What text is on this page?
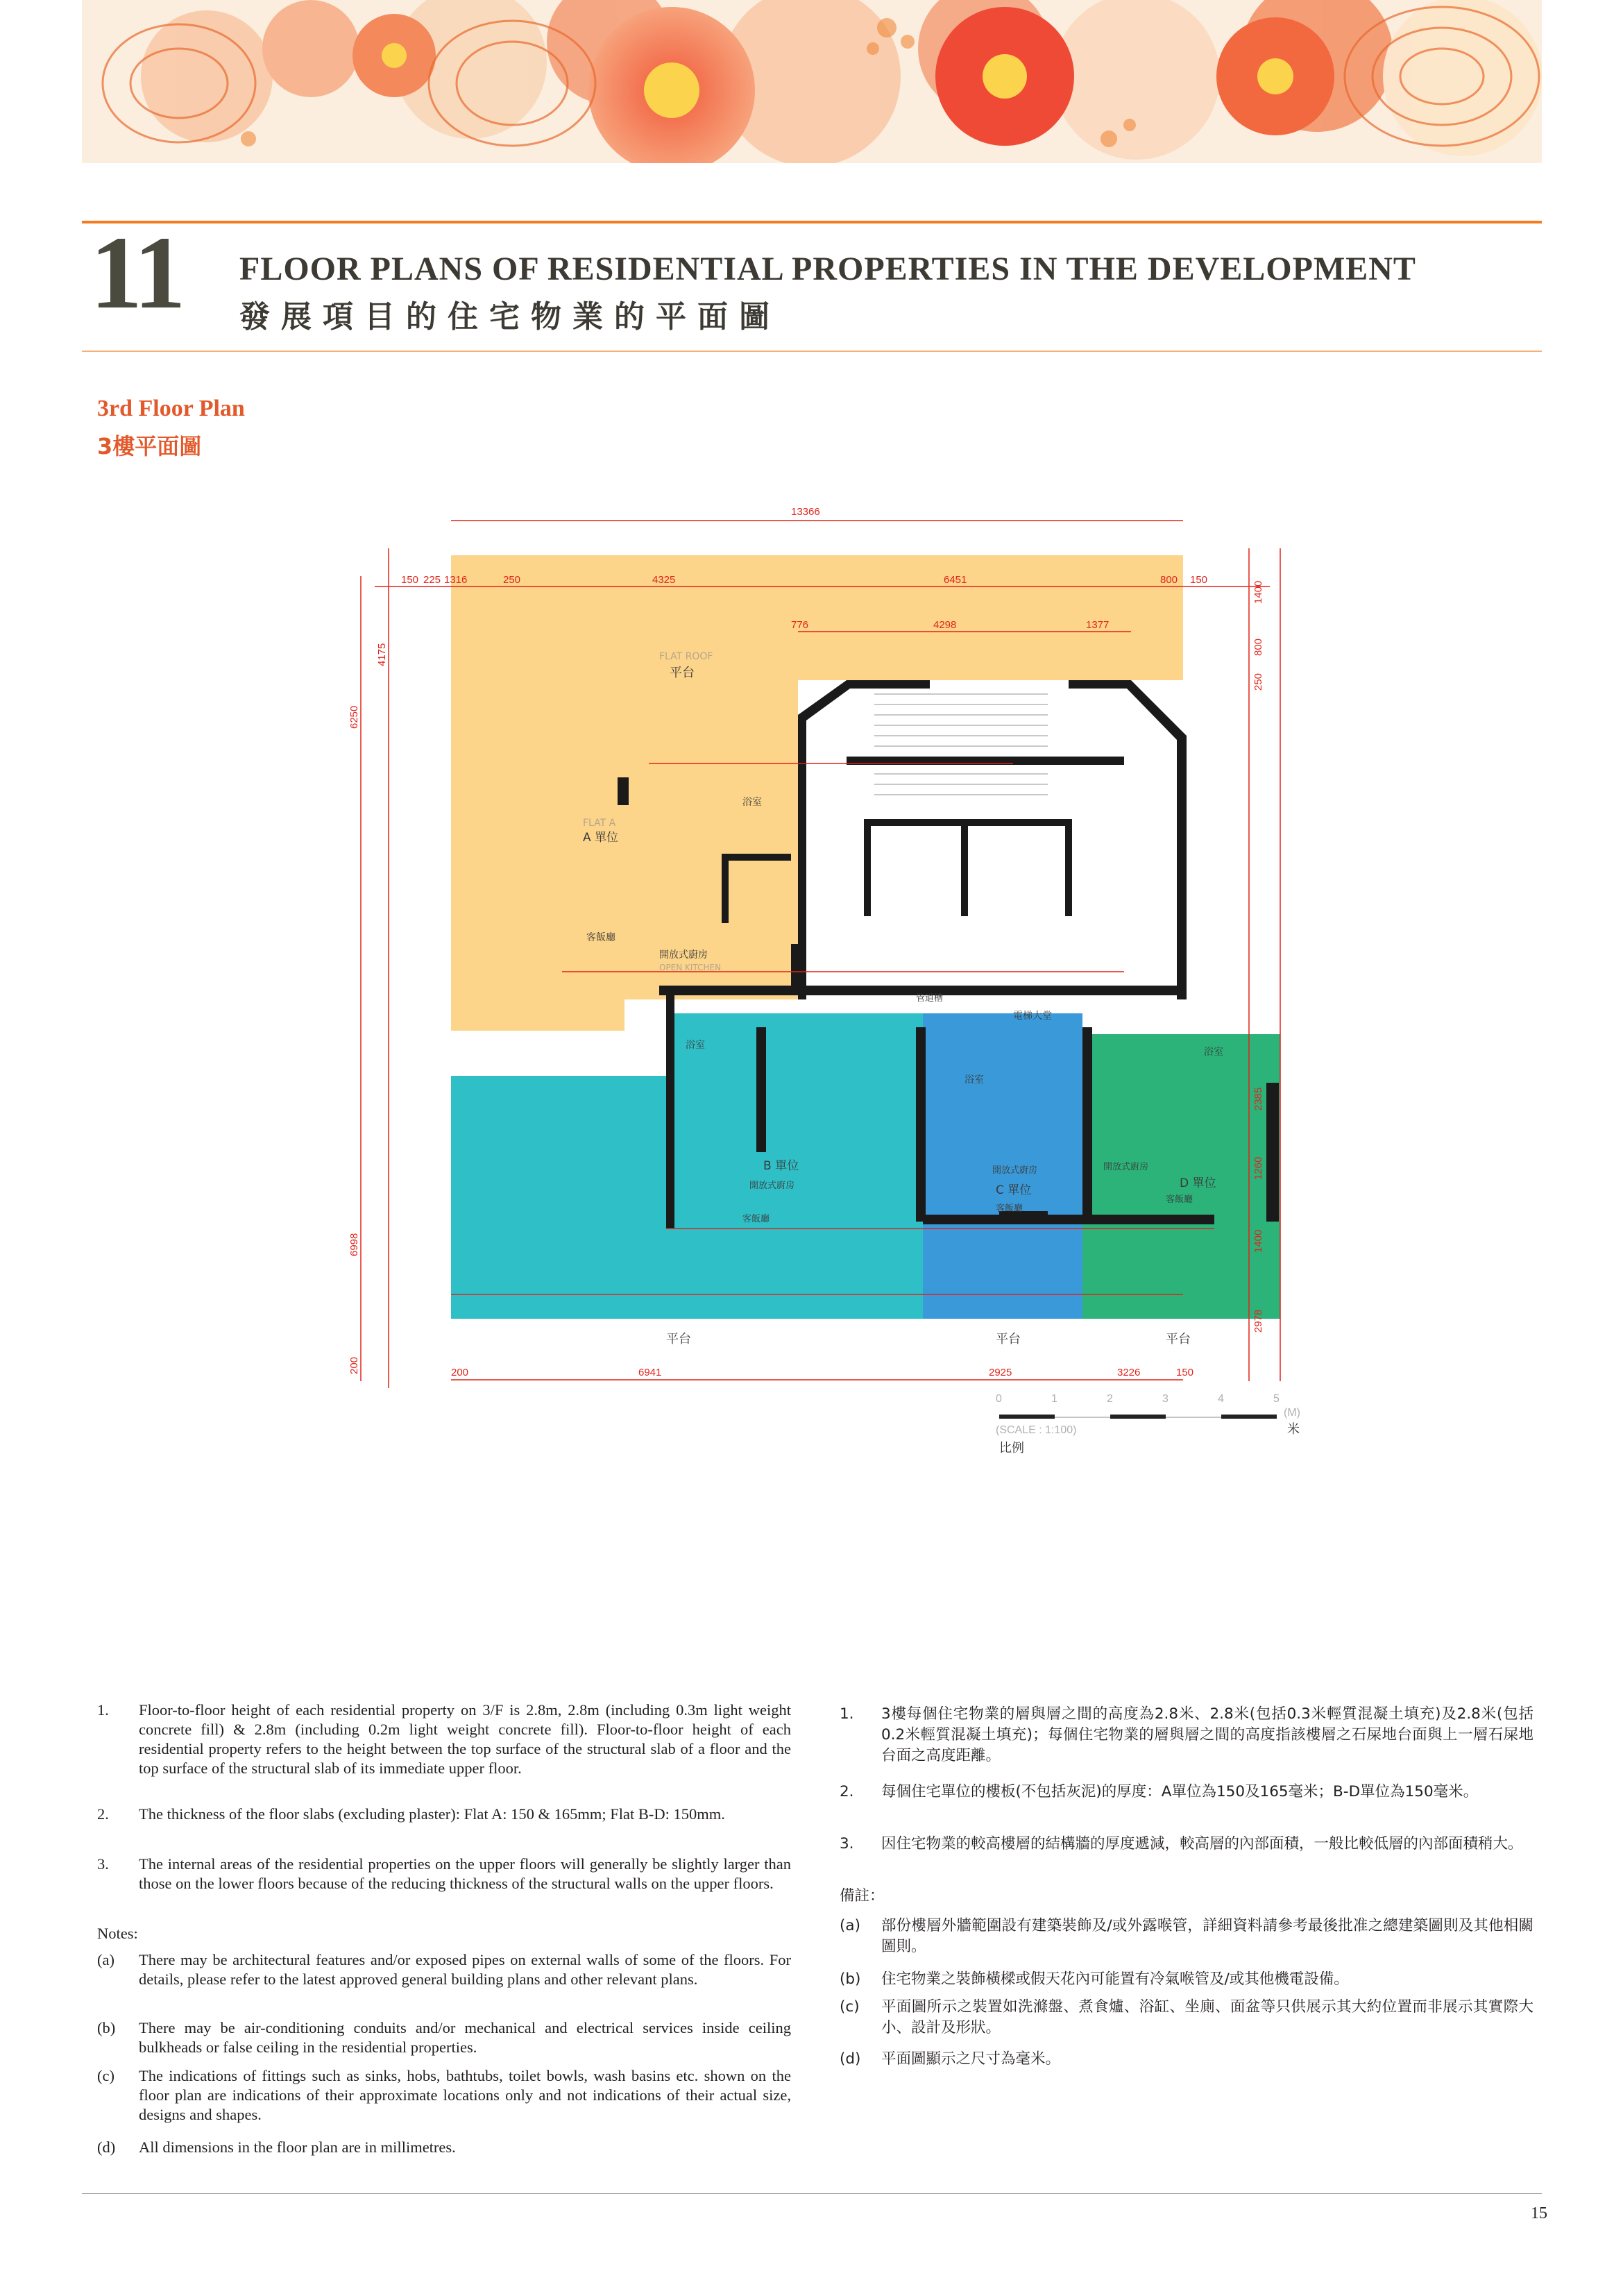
11 FLOOR PLANS OF RESIDENTIAL PROPERTIES IN THE DEVELOPMENT
發展項目的住宅物業的平面圖
3rd Floor Plan
3樓平面圖
13366
150 225 1316	250	4325	6451	800 150
776	4298	1377
200	6941	2925	3226	150
6250
4175
6998
200
1400
800
250
2385
1260
1400
2978
FLAT ROOF
平台
FLAT A
A 單位
浴室
客飯廳
開放式廚房
OPEN KITCHEN
電梯大堂
管道槽
浴室
B 單位
開放式廚房
客飯廳
浴室
開放式廚房
C 單位
客飯廳
浴室
開放式廚房
D 單位
客飯廳
平台	平台	平台
0	1	2	3	4	5
(M)
(SCALE : 1:100)	米
比例
1. Floor-to-floor height of each residential property on 3/F is 2.8m, 2.8m (including 0.3m light weight concrete fill) & 2.8m (including 0.2m light weight concrete fill). Floor-to-floor height of each residential property refers to the height between the top surface of the structural slab of a floor and the top surface of the structural slab of its immediate upper floor.
2. The thickness of the floor slabs (excluding plaster): Flat A: 150 & 165mm; Flat B-D: 150mm.
3. The internal areas of the residential properties on the upper floors will generally be slightly larger than those on the lower floors because of the reducing thickness of the structural walls on the upper floors.
Notes:
(a) There may be architectural features and/or exposed pipes on external walls of some of the floors. For details, please refer to the latest approved general building plans and other relevant plans.
(b) There may be air-conditioning conduits and/or mechanical and electrical services inside ceiling bulkheads or false ceiling in the residential properties.
(c) The indications of fittings such as sinks, hobs, bathtubs, toilet bowls, wash basins etc. shown on the floor plan are indications of their approximate locations only and not indications of their actual size, designs and shapes.
(d) All dimensions in the floor plan are in millimetres.
1. 3樓每個住宅物業的層與層之間的高度為2.8米、2.8米(包括0.3米輕質混凝土填充)及2.8米(包括0.2米輕質混凝土填充)；每個住宅物業的層與層之間的高度指該樓層之石屎地台面與上一層石屎地台面之高度距離。
2. 每個住宅單位的樓板(不包括灰泥)的厚度：A單位為150及165毫米；B-D單位為150毫米。
3. 因住宅物業的較高樓層的結構牆的厚度遞減，較高層的內部面積，一般比較低層的內部面積稍大。
備註：
(a) 部份樓層外牆範圍設有建築裝飾及/或外露喉管，詳細資料請參考最後批准之總建築圖則及其他相關圖則。
(b) 住宅物業之裝飾橫樑或假天花內可能置有冷氣喉管及/或其他機電設備。
(c) 平面圖所示之裝置如洗滌盤、煮食爐、浴缸、坐廁、面盆等只供展示其大約位置而非展示其實際大小、設計及形狀。
(d) 平面圖顯示之尺寸為毫米。
15
